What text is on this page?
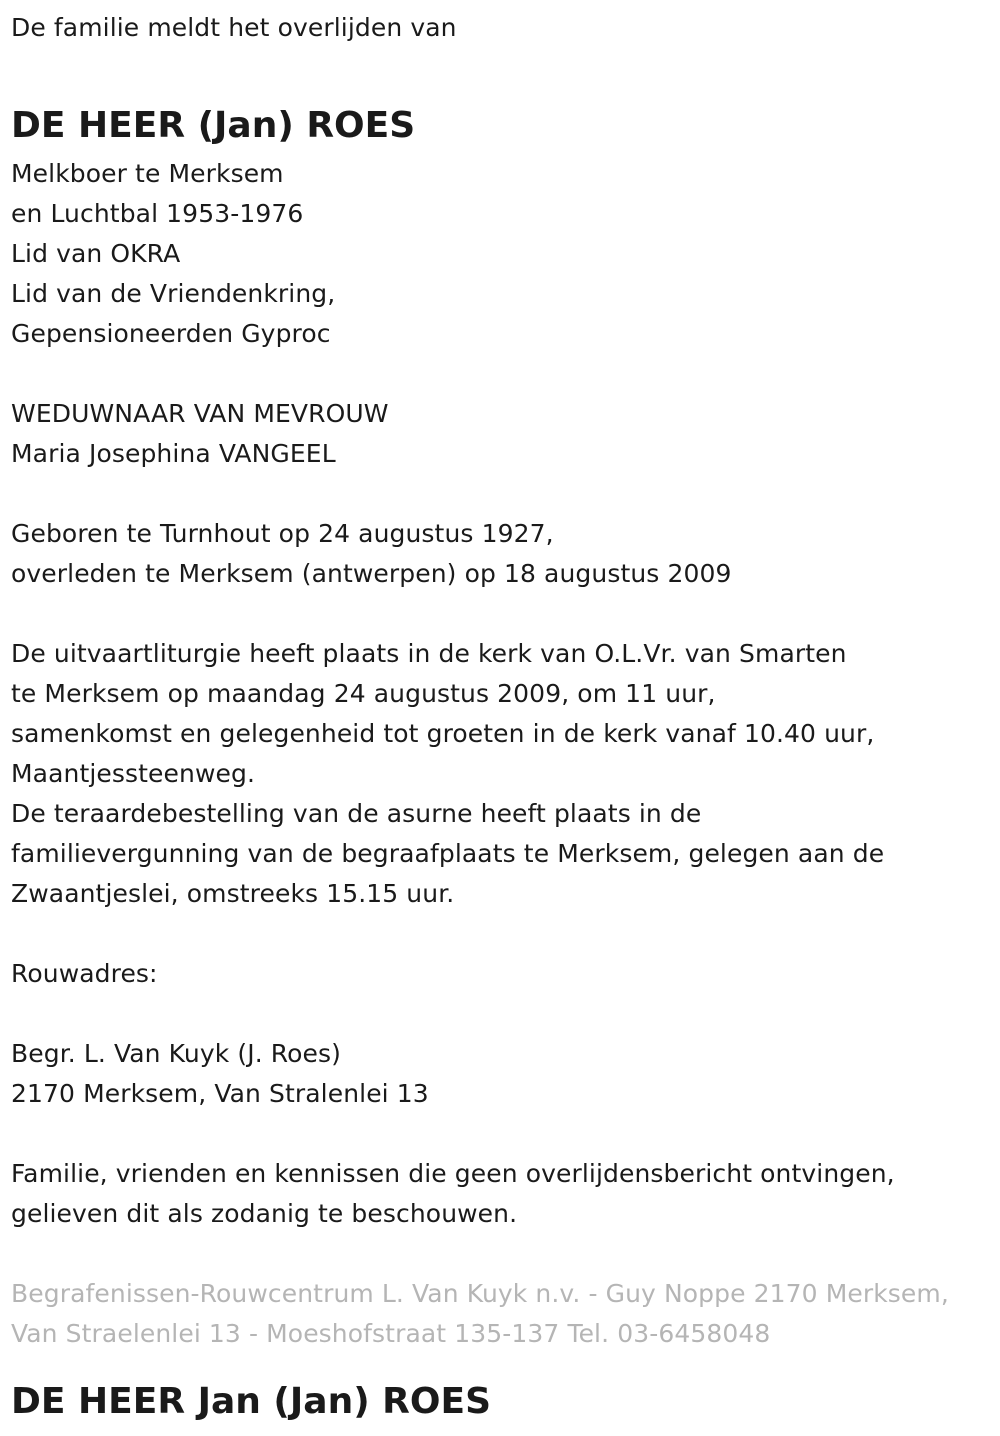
De familie meldt het overlijden van
DE HEER (Jan) ROES
Melkboer te Merksem
en Luchtbal 1953-1976
Lid van OKRA
Lid van de Vriendenkring,
Gepensioneerden Gyproc
WEDUWNAAR VAN MEVROUW
Maria Josephina VANGEEL
Geboren te Turnhout op 24 augustus 1927,
overleden te Merksem (antwerpen) op 18 augustus 2009
De uitvaartliturgie heeft plaats in de kerk van O.L.Vr. van Smarten
te Merksem op maandag 24 augustus 2009, om 11 uur,
samenkomst en gelegenheid tot groeten in de kerk vanaf 10.40 uur,
Maantjessteenweg.
De teraardebestelling van de asurne heeft plaats in de
familievergunning van de begraafplaats te Merksem, gelegen aan de
Zwaantjeslei, omstreeks 15.15 uur.
Rouwadres:
Begr. L. Van Kuyk (J. Roes)
2170 Merksem, Van Stralenlei 13
Familie, vrienden en kennissen die geen overlijdensbericht ontvingen,
gelieven dit als zodanig te beschouwen.
Begrafenissen-Rouwcentrum L. Van Kuyk n.v. - Guy Noppe 2170 Merksem,
Van Straelenlei 13 - Moeshofstraat 135-137 Tel. 03-6458048
DE HEER Jan (Jan) ROES
